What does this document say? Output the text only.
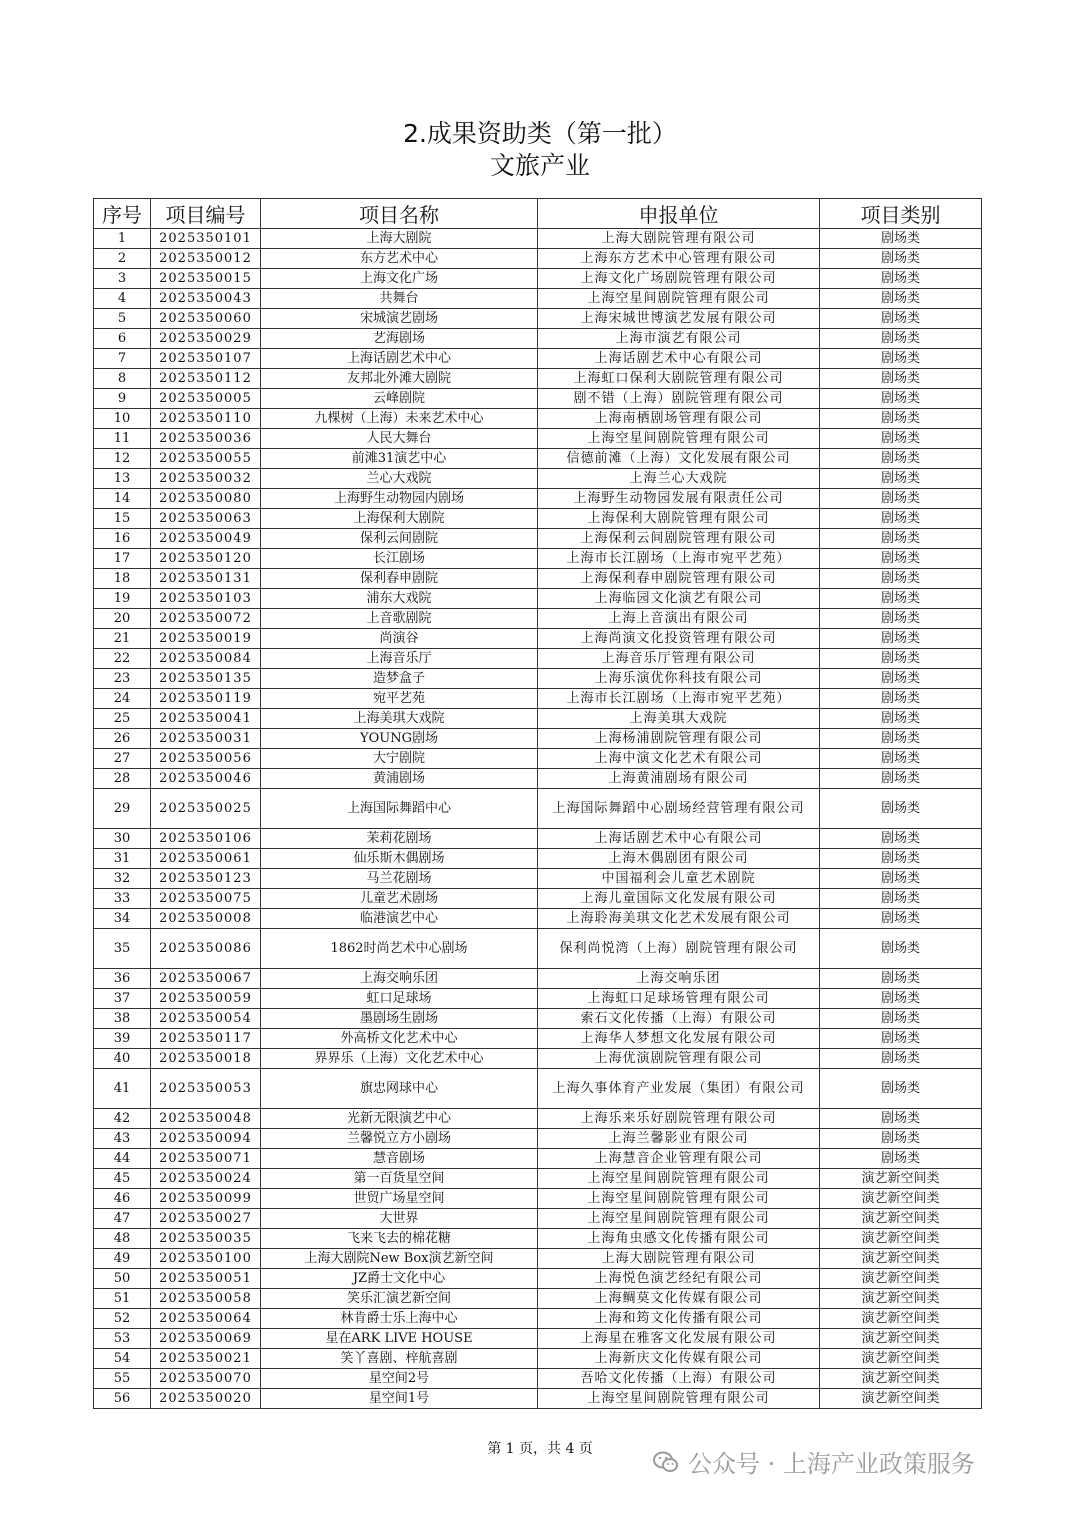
2.成果资助类（第一批）
文旅产业
序号	项目编号	项目名称	申报单位	项目类别
1	2025350101	上海大剧院	上海大剧院管理有限公司	剧场类
2	2025350012	东方艺术中心	上海东方艺术中心管理有限公司	剧场类
3	2025350015	上海文化广场	上海文化广场剧院管理有限公司	剧场类
4	2025350043	共舞台	上海空星间剧院管理有限公司	剧场类
5	2025350060	宋城演艺剧场	上海宋城世博演艺发展有限公司	剧场类
6	2025350029	艺海剧场	上海市演艺有限公司	剧场类
7	2025350107	上海话剧艺术中心	上海话剧艺术中心有限公司	剧场类
8	2025350112	友邦北外滩大剧院	上海虹口保利大剧院管理有限公司	剧场类
9	2025350005	云峰剧院	剧不错（上海）剧院管理有限公司	剧场类
10	2025350110	九棵树（上海）未来艺术中心	上海南栖剧场管理有限公司	剧场类
11	2025350036	人民大舞台	上海空星间剧院管理有限公司	剧场类
12	2025350055	前滩31演艺中心	信德前滩（上海）文化发展有限公司	剧场类
13	2025350032	兰心大戏院	上海兰心大戏院	剧场类
14	2025350080	上海野生动物园内剧场	上海野生动物园发展有限责任公司	剧场类
15	2025350063	上海保利大剧院	上海保利大剧院管理有限公司	剧场类
16	2025350049	保利云间剧院	上海保利云间剧院管理有限公司	剧场类
17	2025350120	长江剧场	上海市长江剧场（上海市宛平艺苑）	剧场类
18	2025350131	保利春申剧院	上海保利春申剧院管理有限公司	剧场类
19	2025350103	浦东大戏院	上海临园文化演艺有限公司	剧场类
20	2025350072	上音歌剧院	上海上音演出有限公司	剧场类
21	2025350019	尚演谷	上海尚演文化投资管理有限公司	剧场类
22	2025350084	上海音乐厅	上海音乐厅管理有限公司	剧场类
23	2025350135	造梦盒子	上海乐演优你科技有限公司	剧场类
24	2025350119	宛平艺苑	上海市长江剧场（上海市宛平艺苑）	剧场类
25	2025350041	上海美琪大戏院	上海美琪大戏院	剧场类
26	2025350031	YOUNG剧场	上海杨浦剧院管理有限公司	剧场类
27	2025350056	大宁剧院	上海中演文化艺术有限公司	剧场类
28	2025350046	黄浦剧场	上海黄浦剧场有限公司	剧场类
29	2025350025	上海国际舞蹈中心	上海国际舞蹈中心剧场经营管理有限公司	剧场类
30	2025350106	茉莉花剧场	上海话剧艺术中心有限公司	剧场类
31	2025350061	仙乐斯木偶剧场	上海木偶剧团有限公司	剧场类
32	2025350123	马兰花剧场	中国福利会儿童艺术剧院	剧场类
33	2025350075	儿童艺术剧场	上海儿童国际文化发展有限公司	剧场类
34	2025350008	临港演艺中心	上海聆海美琪文化艺术发展有限公司	剧场类
35	2025350086	1862时尚艺术中心剧场	保利尚悦湾（上海）剧院管理有限公司	剧场类
36	2025350067	上海交响乐团	上海交响乐团	剧场类
37	2025350059	虹口足球场	上海虹口足球场管理有限公司	剧场类
38	2025350054	墨剧场生剧场	索石文化传播（上海）有限公司	剧场类
39	2025350117	外高桥文化艺术中心	上海华人梦想文化发展有限公司	剧场类
40	2025350018	界界乐（上海）文化艺术中心	上海优演剧院管理有限公司	剧场类
41	2025350053	旗忠网球中心	上海久事体育产业发展（集团）有限公司	剧场类
42	2025350048	光新无限演艺中心	上海乐来乐好剧院管理有限公司	剧场类
43	2025350094	兰馨悦立方小剧场	上海兰馨影业有限公司	剧场类
44	2025350071	慧音剧场	上海慧音企业管理有限公司	剧场类
45	2025350024	第一百货星空间	上海空星间剧院管理有限公司	演艺新空间类
46	2025350099	世贸广场星空间	上海空星间剧院管理有限公司	演艺新空间类
47	2025350027	大世界	上海空星间剧院管理有限公司	演艺新空间类
48	2025350035	飞来飞去的棉花糖	上海角虫感文化传播有限公司	演艺新空间类
49	2025350100	上海大剧院New Box演艺新空间	上海大剧院管理有限公司	演艺新空间类
50	2025350051	JZ爵士文化中心	上海悦色演艺经纪有限公司	演艺新空间类
51	2025350058	笑乐汇演艺新空间	上海鲷莫文化传媒有限公司	演艺新空间类
52	2025350064	林肯爵士乐上海中心	上海和筠文化传播有限公司	演艺新空间类
53	2025350069	星在ARK LIVE HOUSE	上海星在雅客文化发展有限公司	演艺新空间类
54	2025350021	笑丫喜剧、梓航喜剧	上海新庆文化传媒有限公司	演艺新空间类
55	2025350070	星空间2号	吾哈文化传播（上海）有限公司	演艺新空间类
56	2025350020	星空间1号	上海空星间剧院管理有限公司	演艺新空间类
第 1 页，共 4 页
公众号 · 上海产业政策服务
